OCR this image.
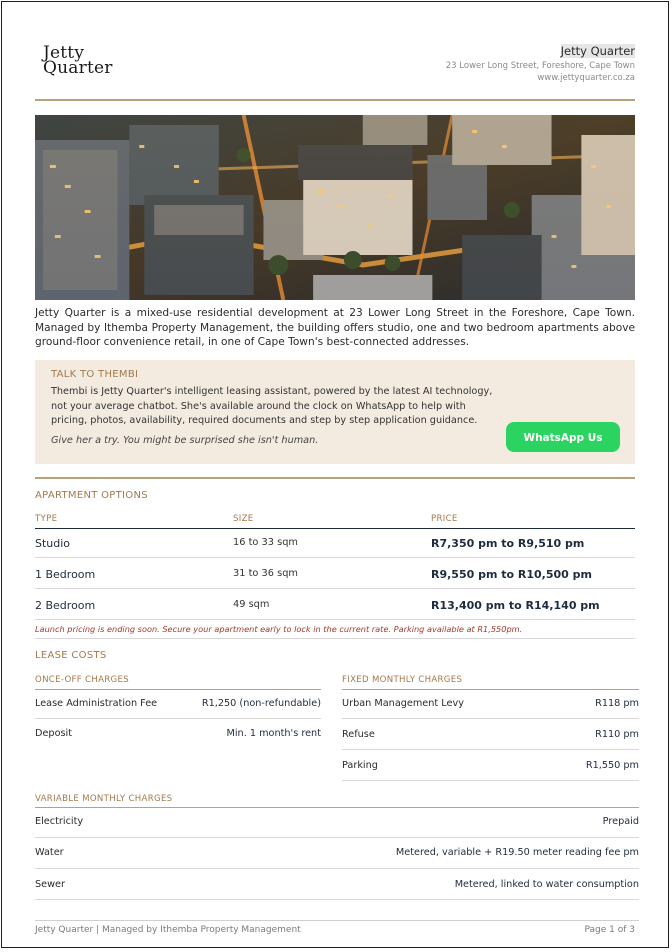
Jetty
Quarter
Jetty Quarter
23 Lower Long Street, Foreshore, Cape Town
www.jettyquarter.co.za
Jetty Quarter is a mixed-use residential development at 23 Lower Long Street in the Foreshore, Cape Town. Managed by Ithemba Property Management, the building offers studio, one and two bedroom apartments above ground-floor convenience retail, in one of Cape Town's best-connected addresses.
TALK TO THEMBI
Thembi is Jetty Quarter's intelligent leasing assistant, powered by the latest AI technology, not your average chatbot. She's available around the clock on WhatsApp to help with pricing, photos, availability, required documents and step by step application guidance.
Give her a try. You might be surprised she isn't human.	WhatsApp Us
APARTMENT OPTIONS
TYPE	SIZE	PRICE
Studio	16 to 33 sqm	R7,350 pm to R9,510 pm
1 Bedroom	31 to 36 sqm	R9,550 pm to R10,500 pm
2 Bedroom	49 sqm	R13,400 pm to R14,140 pm
Launch pricing is ending soon. Secure your apartment early to lock in the current rate. Parking available at R1,550pm.
LEASE COSTS
ONCE-OFF CHARGES
Lease Administration Fee	R1,250 (non-refundable)
Deposit	Min. 1 month's rent
FIXED MONTHLY CHARGES
Urban Management Levy	R118 pm
Refuse	R110 pm
Parking	R1,550 pm
VARIABLE MONTHLY CHARGES
Electricity	Prepaid
Water	Metered, variable + R19.50 meter reading fee pm
Sewer	Metered, linked to water consumption
Jetty Quarter | Managed by Ithemba Property Management	Page 1 of 3
